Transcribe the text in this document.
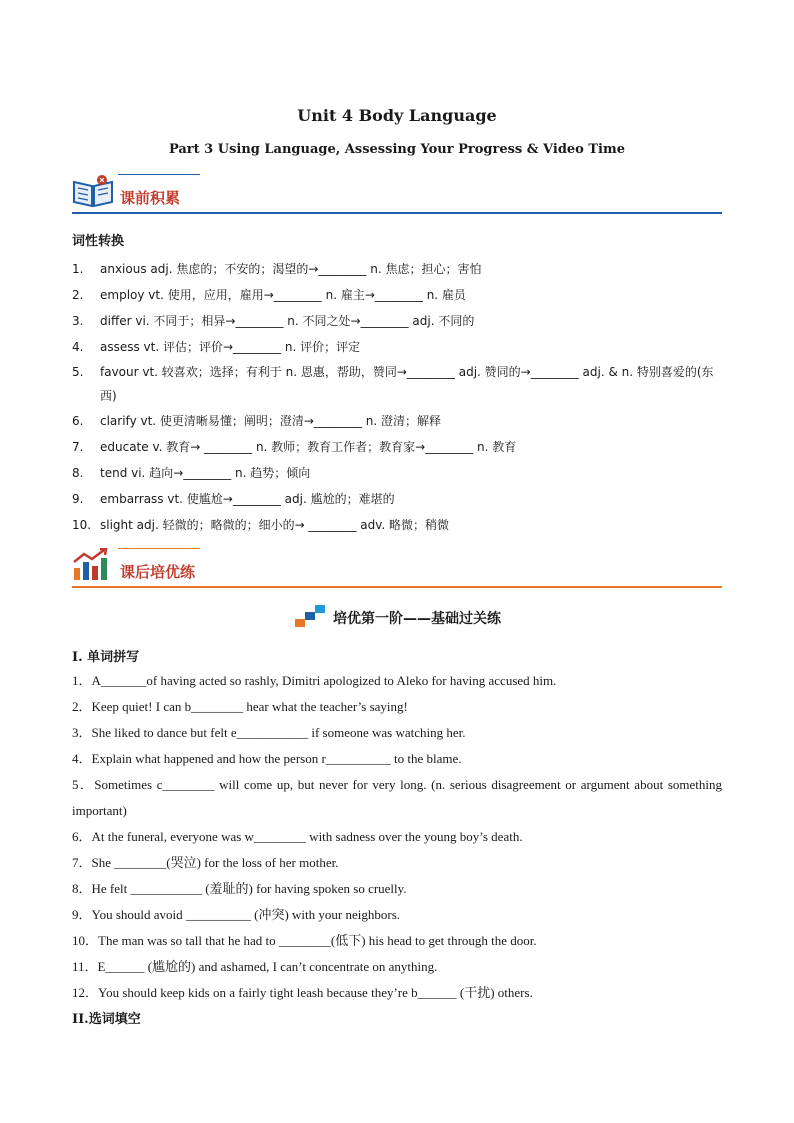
Unit 4 Body Language
Part 3 Using Language, Assessing Your Progress & Video Time
课前积累
词性转换
1. anxious adj. 焦虑的；不安的；渴望的→________ n. 焦虑；担心；害怕
2. employ vt. 使用，应用，雇用→________ n. 雇主→________ n. 雇员
3. differ vi. 不同于；相异→________ n. 不同之处→________ adj. 不同的
4. assess vt. 评估；评价→________ n. 评价；评定
5. favour vt. 较喜欢；选择；有利于 n. 恩惠，帮助，赞同→________ adj. 赞同的→________ adj. & n. 特别喜爱的(东西)
6. clarify vt. 使更清晰易懂；阐明；澄清→________ n. 澄清；解释
7. educate v. 教育→ ________ n. 教师；教育工作者；教育家→________ n. 教育
8. tend vi. 趋向→________ n. 趋势；倾向
9. embarrass vt. 使尴尬→________ adj. 尴尬的；难堪的
10. slight adj. 轻微的；略微的；细小的→ ________ adv. 略微；稍微
课后培优练
培优第一阶——基础过关练
I. 单词拼写
1．A_______of having acted so rashly, Dimitri apologized to Aleko for having accused him.
2．Keep quiet! I can b________ hear what the teacher’s saying!
3．She liked to dance but felt e___________ if someone was watching her.
4．Explain what happened and how the person r__________ to the blame.
5．Sometimes c________ will come up, but never for very long. (n. serious disagreement or argument about something important)
6．At the funeral, everyone was w________ with sadness over the young boy’s death.
7．She ________(哭泣) for the loss of her mother.
8．He felt ___________ (羞耻的) for having spoken so cruelly.
9．You should avoid __________ (冲突) with your neighbors.
10．The man was so tall that he had to ________(低下) his head to get through the door.
11．E______ (尴尬的) and ashamed, I can’t concentrate on anything.
12．You should keep kids on a fairly tight leash because they’re b______ (干扰) others.
II.选词填空
